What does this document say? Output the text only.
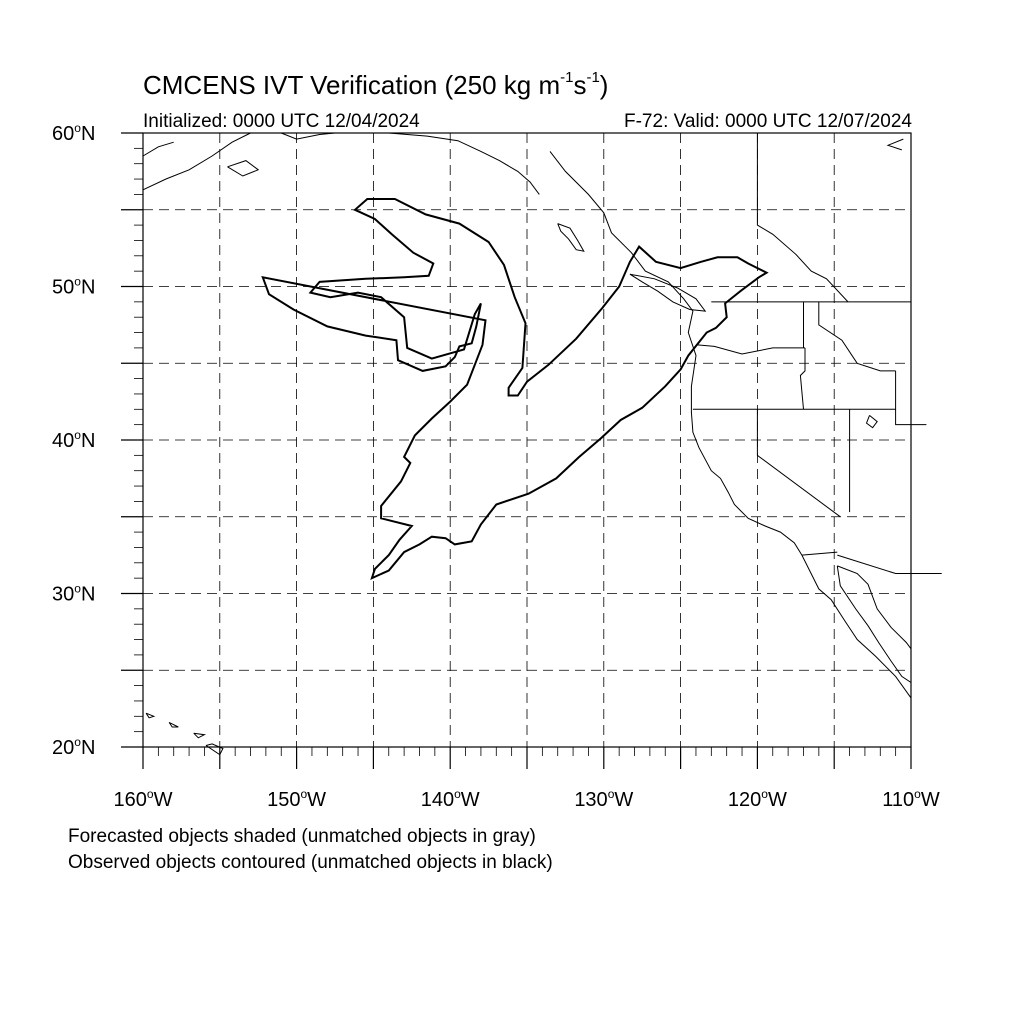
CMCENS IVT Verification (250 kg $m^{-1}s^{-1}$)
Initialized: 0000 UTC 12/04/2024	F-72: Valid: 0000 UTC 12/07/2024
60$^o$N
50$^o$N
40$^o$N
30$^o$N
20$^o$N
160$^o$W	150$^o$W	140$^o$W	130$^o$W	120$^o$W	110$^o$W
Forecasted objects shaded (unmatched objects in gray)
Observed objects contoured (unmatched objects in black)
